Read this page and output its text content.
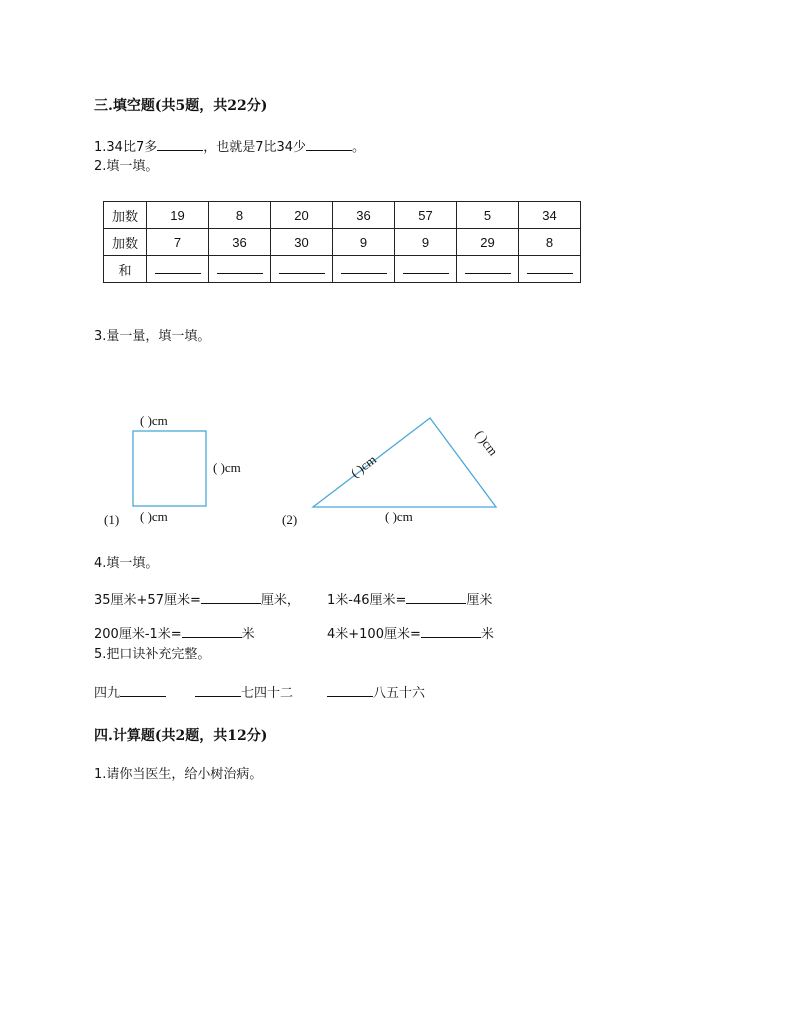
三.填空题(共5题，共22分)
1.34比7多	，也就是7比34少	。
2.填一填。
加数	19	8	20	36	57	5	34
加数	7	36	30	9	9	29	8
和							
3.量一量，填一填。
( )cm
( )cm
( )cm
(1)
( )cm
( )cm
( )cm
(2)
4.填一填。
35厘米+57厘米=	厘米， 1米-46厘米=	厘米
200厘米-1米=	米	4米+100厘米=	米
5.把口诀补充完整。
四九	七四十二	八五十六
四.计算题(共2题，共12分)
1.请你当医生，给小树治病。
